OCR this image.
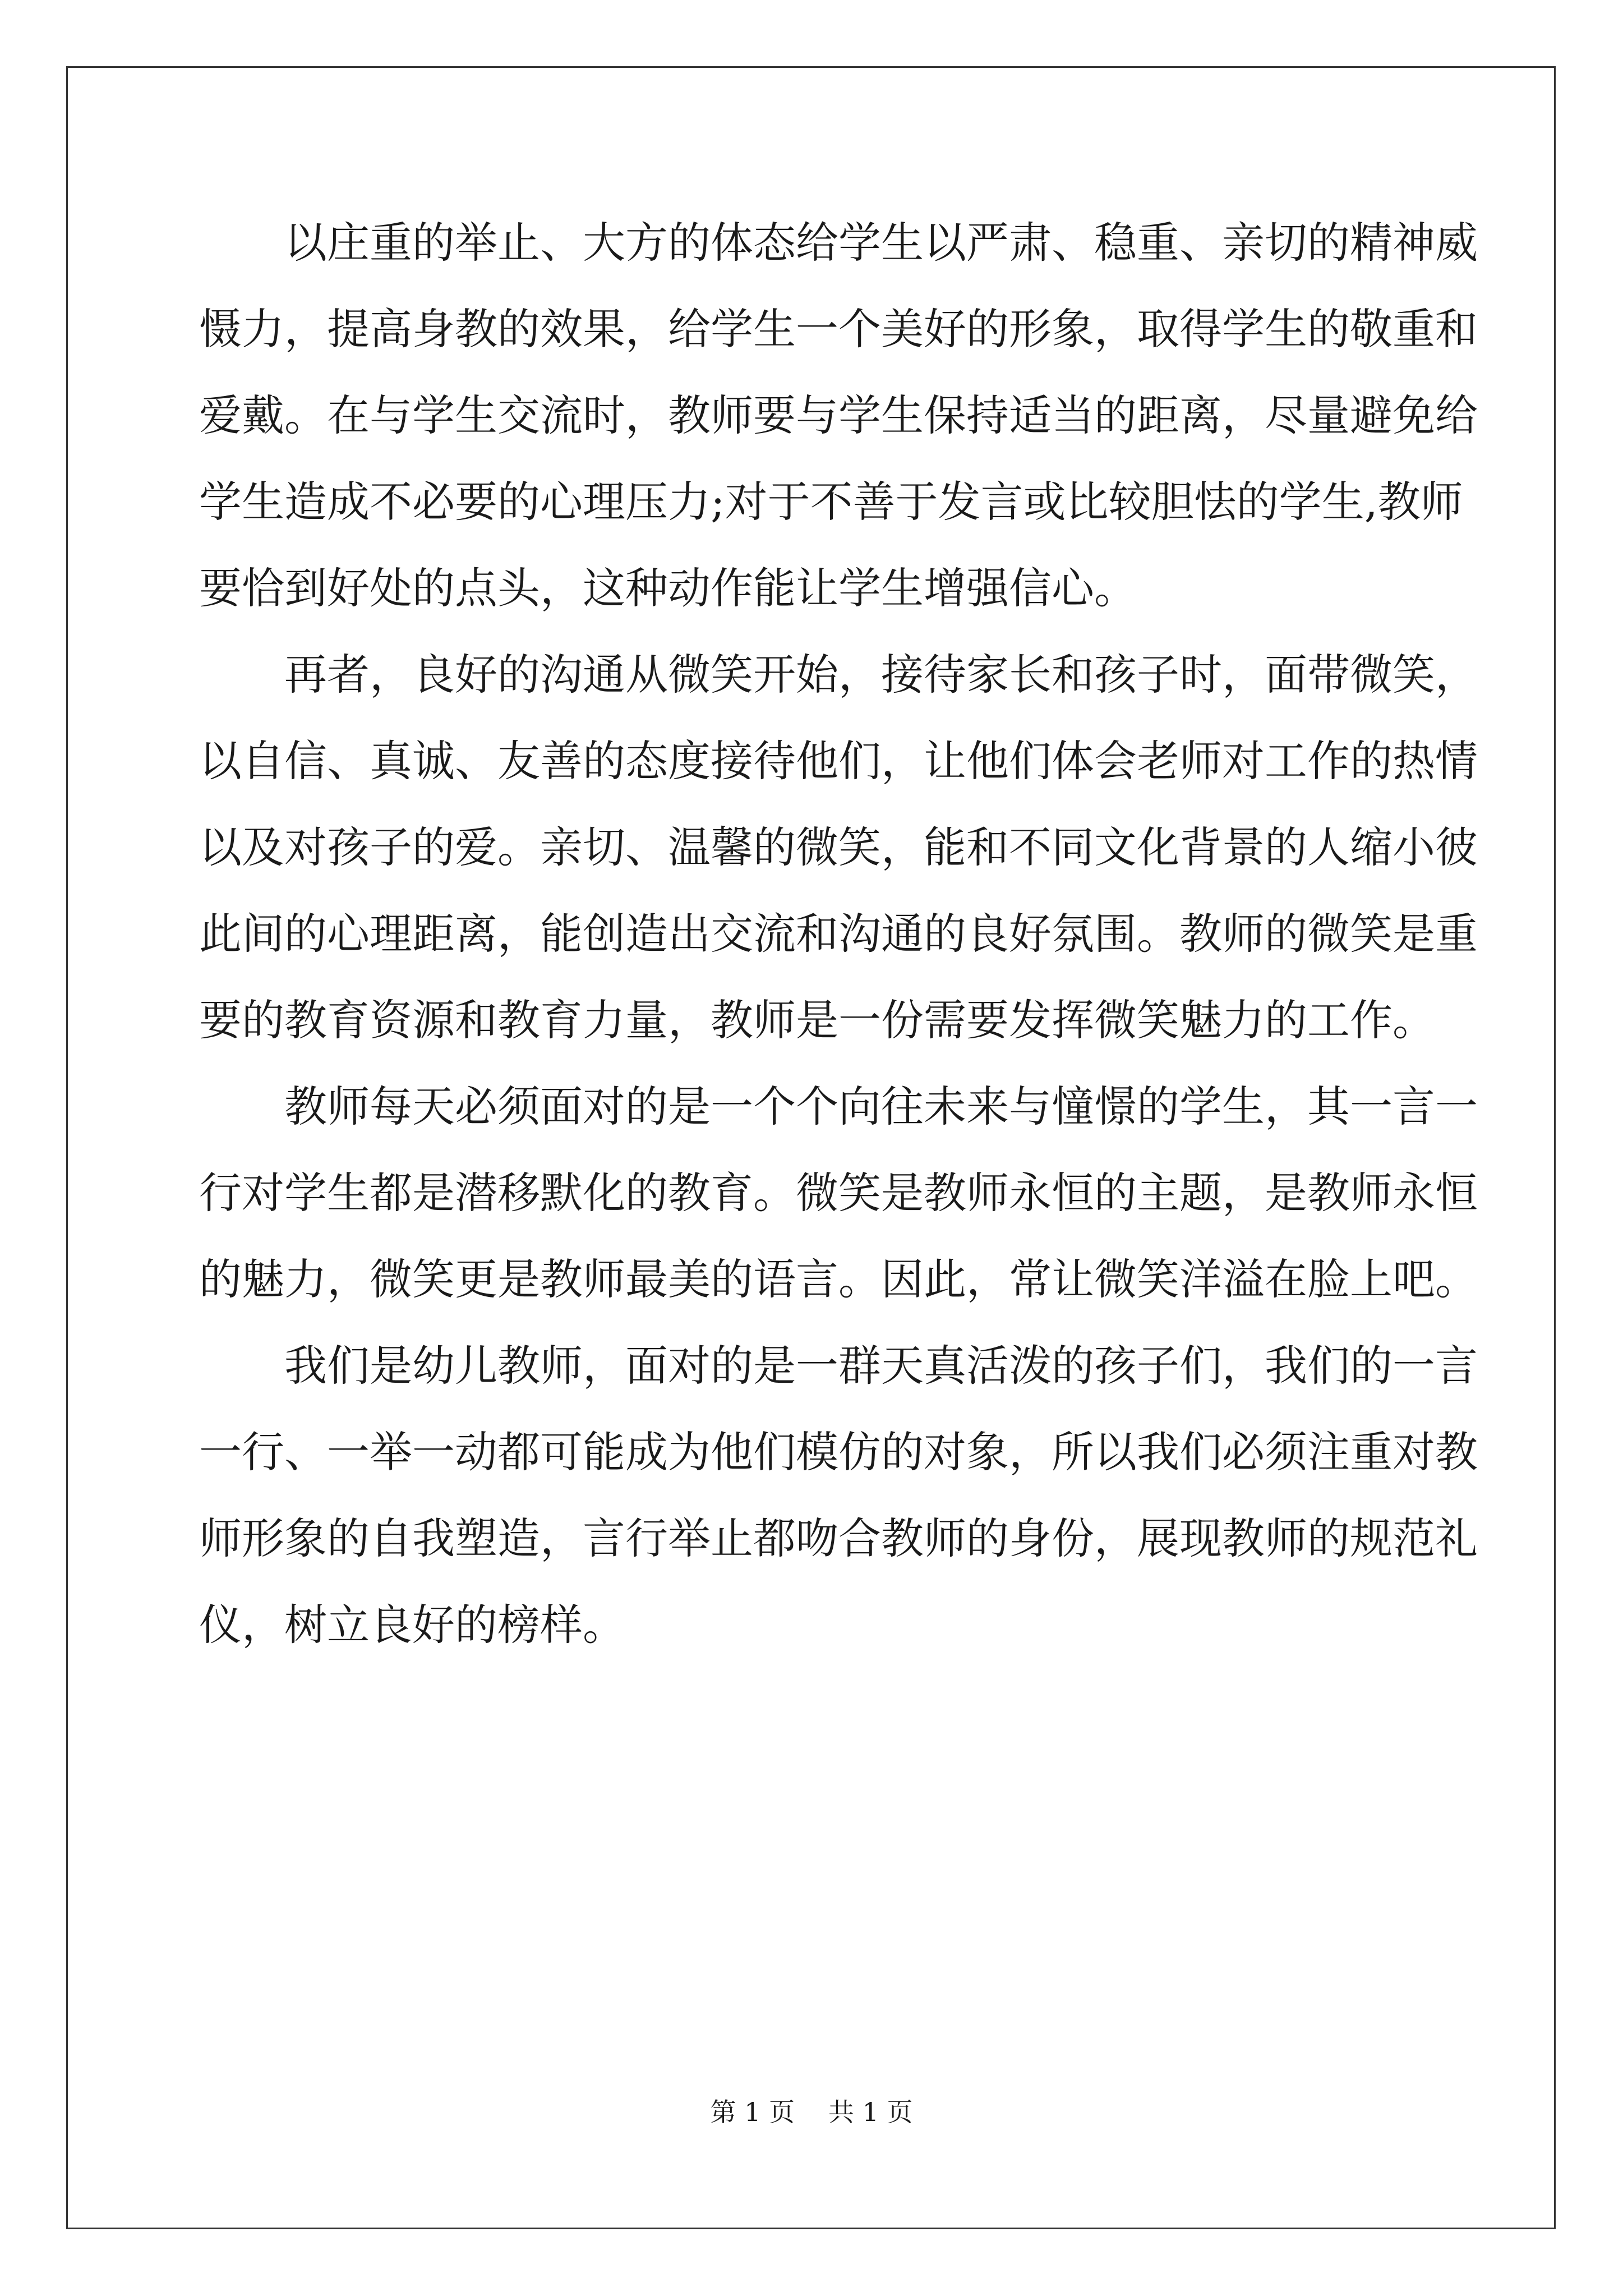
以庄重的举止、大方的体态给学生以严肃、稳重、亲切的精神威
慑力，提高身教的效果，给学生一个美好的形象，取得学生的敬重和
爱戴。在与学生交流时，教师要与学生保持适当的距离，尽量避免给
学生造成不必要的心理压力;对于不善于发言或比较胆怯的学生,教师
要恰到好处的点头，这种动作能让学生增强信心。
再者，良好的沟通从微笑开始，接待家长和孩子时，面带微笑，
以自信、真诚、友善的态度接待他们，让他们体会老师对工作的热情
以及对孩子的爱。亲切、温馨的微笑，能和不同文化背景的人缩小彼
此间的心理距离，能创造出交流和沟通的良好氛围。教师的微笑是重
要的教育资源和教育力量，教师是一份需要发挥微笑魅力的工作。
教师每天必须面对的是一个个向往未来与憧憬的学生，其一言一
行对学生都是潜移默化的教育。微笑是教师永恒的主题，是教师永恒
的魅力，微笑更是教师最美的语言。因此，常让微笑洋溢在脸上吧。
我们是幼儿教师，面对的是一群天真活泼的孩子们，我们的一言
一行、一举一动都可能成为他们模仿的对象，所以我们必须注重对教
师形象的自我塑造，言行举止都吻合教师的身份，展现教师的规范礼
仪，树立良好的榜样。
第 1 页 共 1 页
